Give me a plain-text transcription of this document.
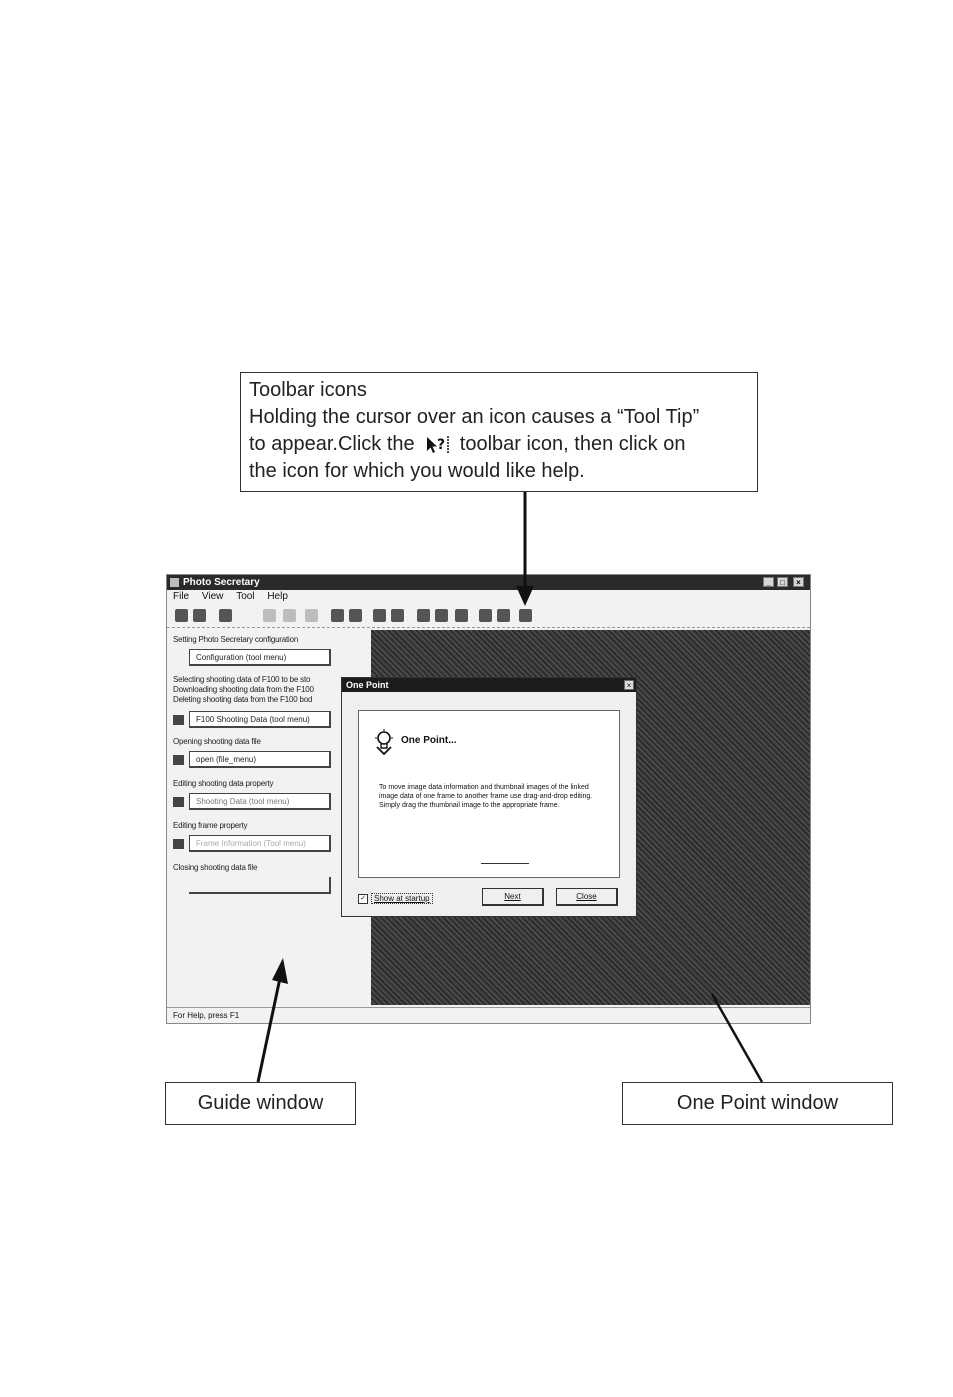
Toolbar icons
Holding the cursor over an icon causes a “Tool Tip”
to appear.Click the ? toolbar icon, then click on
the icon for which you would like help.
Photo Secretary	_	□	×
File View Tool Help
Setting Photo Secretary configuration
Configuration (tool menu)
Selecting shooting data of F100 to be sto
Downloading shooting data from the F100
Deleting shooting data from the F100 bod
F100 Shooting Data (tool menu)
Opening shooting data file
open (file_menu)
Editing shooting data property
Shooting Data (tool menu)
Editing frame property
Frame Information (Tool menu)
Closing shooting data file
One Point	×
One Point...
To move image data information and thumbnail images of the linked image data of one frame to another frame use drag-and-drop editing. Simply drag the thumbnail image to the appropriate frame.
✓ Show at startup	Next	Close
For Help, press F1
Guide window	One Point window
